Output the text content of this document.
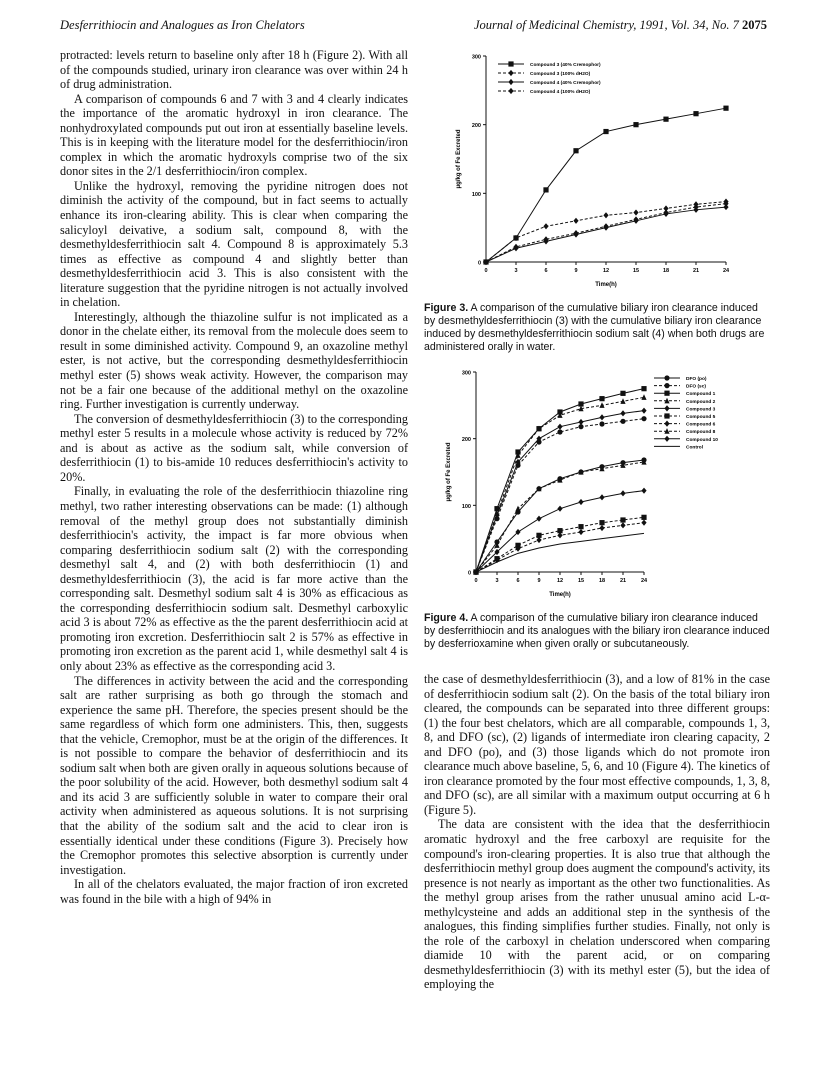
Desferrithiocin and Analogues as Iron Chelators	Journal of Medicinal Chemistry, 1991, Vol. 34, No. 7 2075

protracted: levels return to baseline only after 18 h (Figure 2). With all of the compounds studied, urinary iron clearance was over within 24 h of drug administration.

A comparison of compounds 6 and 7 with 3 and 4 clearly indicates the importance of the aromatic hydroxyl in iron clearance. The nonhydroxylated compounds put out iron at essentially baseline levels. This is in keeping with the literature model for the desferrithiocin/iron complex in which the aromatic hydroxyls comprise two of the six donor sites in the 2/1 desferrithiocin/iron complex.

Unlike the hydroxyl, removing the pyridine nitrogen does not diminish the activity of the compound, but in fact seems to actually enhance its iron-clearing ability. This is clear when comparing the salicyloyl deivative, a sodium salt, compound 8, with the desmethyldesferrithiocin salt 4. Compound 8 is approximately 5.3 times as effective as compound 4 and slightly better than desmethyldesferrithiocin acid 3. This is also consistent with the literature suggestion that the pyridine nitrogen is not actually involved in chelation.

Interestingly, although the thiazoline sulfur is not implicated as a donor in the chelate either, its removal from the molecule does seem to result in some diminished activity. Compound 9, an oxazoline methyl ester, is not active, but the corresponding desmethyldesferrithiocin methyl ester (5) shows weak activity. However, the comparison may not be a fair one because of the additional methyl on the oxazoline ring. Further investigation is currently underway.

The conversion of desmethyldesferrithiocin (3) to the corresponding methyl ester 5 results in a molecule whose activity is reduced by 72% and is about as active as the sodium salt, while conversion of desferrithiocin (1) to bis-amide 10 reduces desferrithiocin's activity to 20%.

Finally, in evaluating the role of the desferrithiocin thiazoline ring methyl, two rather interesting observations can be made: (1) although removal of the methyl group does not substantially diminish desferrithiocin's activity, the impact is far more obvious when comparing desferrithiocin sodium salt (2) with the corresponding desmethyl salt 4, and (2) with both desferrithiocin (1) and desmethyldesferrithiocin (3), the acid is far more active than the corresponding salt. Desmethyl sodium salt 4 is 30% as efficacious as the corresponding desferrithiocin sodium salt. Desmethyl carboxylic acid 3 is about 72% as effective as the the parent desferrithiocin acid at promoting iron excretion. Desferrithiocin salt 2 is 57% as effective in promoting iron excretion as the parent acid 1, while desmethyl salt 4 is only about 23% as effective as the corresponding acid 3.

The differences in activity between the acid and the corresponding salt are rather surprising as both go through the stomach and experience the same pH. Therefore, the species present should be the same regardless of which form one administers. This, then, suggests that the vehicle, Cremophor, must be at the origin of the differences. It is not possible to compare the behavior of desferrithiocin and its sodium salt when both are given orally in aqueous solutions because of the poor solubility of the acid. However, both desmethyl sodium salt 4 and its acid 3 are sufficiently soluble in water to compare their oral activity when administered as aqueous solutions. It is not surprising that the ability of the sodium salt and the acid to clear iron is essentially identical under these conditions (Figure 3). Precisely how the Cremophor promotes this selective absorption is currently under investigation.

In all of the chelators evaluated, the major fraction of iron excreted was found in the bile with a high of 94% in

0
100
200
300
0	3	6	9	12	15	18	21	24
Time(h)
μg/kg of Fe Excreted
Compound 3 (40% Cremophor)
Compound 3 (100% dH2O)
Compound 4 (40% Cremophor)
Compound 4 (100% dH2O)
Figure 3. A comparison of the cumulative biliary iron clearance induced by desmethyldesferrithiocin (3) with the cumulative biliary iron clearance induced by desmethyldesferrithiocin sodium salt (4) when both drugs are administered orally in water.
0
100
200
300
0	3	6	9	12	15	18	21	24
Time(h)
μg/kg of Fe Excreted
DFO (po)
DFO (sc)
Compound 1
Compound 2
Compound 3
Compound 5
Compound 6
Compound 8
Compound 10
Control
Figure 4. A comparison of the cumulative biliary iron clearance induced by desferrithiocin and its analogues with the biliary iron clearance induced by desferrioxamine when given orally or subcutaneously.

the case of desmethyldesferrithiocin (3), and a low of 81% in the case of desferrithiocin sodium salt (2). On the basis of the total biliary iron cleared, the compounds can be separated into three different groups: (1) the four best chelators, which are all comparable, compounds 1, 3, 8, and DFO (sc), (2) ligands of intermediate iron clearing capacity, 2 and DFO (po), and (3) those ligands which do not promote iron clearance much above baseline, 5, 6, and 10 (Figure 4). The kinetics of iron clearance promoted by the four most effective compounds, 1, 3, 8, and DFO (sc), are all similar with a maximum output occurring at 6 h (Figure 5).

The data are consistent with the idea that the desferrithiocin aromatic hydroxyl and the free carboxyl are requisite for the compound's iron-clearing properties. It is also true that although the desferrithiocin methyl group does augment the compound's activity, its presence is not nearly as important as the other two functionalities. As the methyl group arises from the rather unusual amino acid L-α-methylcysteine and adds an additional step in the synthesis of the analogues, this finding simplifies further studies. Finally, not only is the role of the carboxyl in chelation underscored when comparing diamide 10 with the parent acid, or on comparing desmethyldesferrithiocin (3) with its methyl ester (5), but the idea of employing the
